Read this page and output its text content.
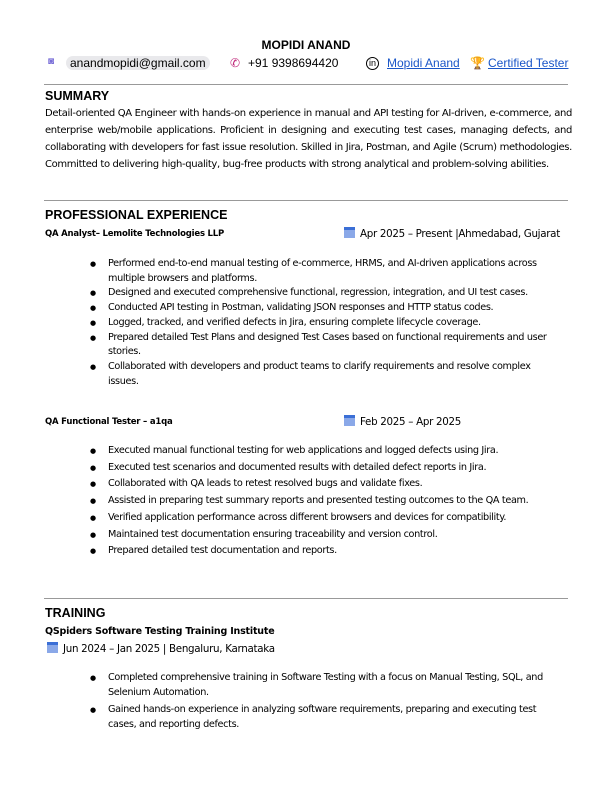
MOPIDI ANAND
◙	anandmopidi@gmail.com	✆ +91 9398694420	in Mopidi Anand 🏆 Certified Tester
SUMMARY
Detail-oriented QA Engineer with hands-on experience in manual and API testing for AI-driven, e-commerce, and enterprise web/mobile applications. Proficient in designing and executing test cases, managing defects, and collaborating with developers for fast issue resolution. Skilled in Jira, Postman, and Agile (Scrum) methodologies. Committed to delivering high-quality, bug-free products with strong analytical and problem-solving abilities.
PROFESSIONAL EXPERIENCE
QA Analyst– Lemolite Technologies LLP	Apr 2025 – Present |Ahmedabad, Gujarat
● Performed end-to-end manual testing of e-commerce, HRMS, and AI-driven applications across multiple browsers and platforms.
● Designed and executed comprehensive functional, regression, integration, and UI test cases.
● Conducted API testing in Postman, validating JSON responses and HTTP status codes.
● Logged, tracked, and verified defects in Jira, ensuring complete lifecycle coverage.
● Prepared detailed Test Plans and designed Test Cases based on functional requirements and user stories.
● Collaborated with developers and product teams to clarify requirements and resolve complex issues.
QA Functional Tester – a1qa	Feb 2025 – Apr 2025
● Executed manual functional testing for web applications and logged defects using Jira.
● Executed test scenarios and documented results with detailed defect reports in Jira.
● Collaborated with QA leads to retest resolved bugs and validate fixes.
● Assisted in preparing test summary reports and presented testing outcomes to the QA team.
● Verified application performance across different browsers and devices for compatibility.
● Maintained test documentation ensuring traceability and version control.
● Prepared detailed test documentation and reports.
TRAINING
QSpiders Software Testing Training Institute
Jun 2024 – Jan 2025 | Bengaluru, Karnataka
● Completed comprehensive training in Software Testing with a focus on Manual Testing, SQL, and Selenium Automation.
● Gained hands-on experience in analyzing software requirements, preparing and executing test cases, and reporting defects.
